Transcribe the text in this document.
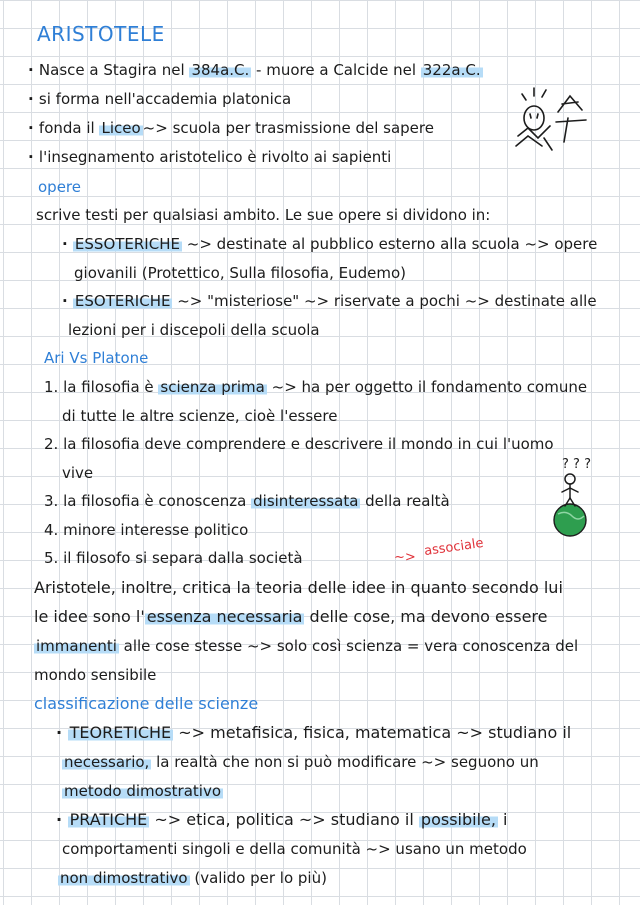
ARISTOTELE
· Nasce a Stagira nel 384a.C. - muore a Calcide nel 322a.C.
· si forma nell'accademia platonica
· fonda il Liceo ~> scuola per trasmissione del sapere
· l'insegnamento aristotelico è rivolto ai sapienti
opere
scrive testi per qualsiasi ambito. Le sue opere si dividono in:
· ESSOTERICHE ~> destinate al pubblico esterno alla scuola ~> opere
giovanili (Protettico, Sulla filosofia, Eudemo)
· ESOTERICHE ~> "misteriose" ~> riservate a pochi ~> destinate alle
lezioni per i discepoli della scuola
Ari Vs Platone
1. la filosofia è scienza prima ~> ha per oggetto il fondamento comune
di tutte le altre scienze, cioè l'essere
2. la filosofia deve comprendere e descrivere il mondo in cui l'uomo
vive
3. la filosofia è conoscenza disinteressata della realtà
4. minore interesse politico
5. il filosofo si separa dalla società	~> associale
? ? ?
Aristotele, inoltre, critica la teoria delle idee in quanto secondo lui
le idee sono l' essenza necessaria delle cose, ma devono essere
immanenti alle cose stesse ~> solo così scienza = vera conoscenza del
mondo sensibile
classificazione delle scienze
· TEORETICHE ~> metafisica, fisica, matematica ~> studiano il
necessario, la realtà che non si può modificare ~> seguono un
metodo dimostrativo
· PRATICHE ~> etica, politica ~> studiano il possibile, i
comportamenti singoli e della comunità ~> usano un metodo
non dimostrativo (valido per lo più)
